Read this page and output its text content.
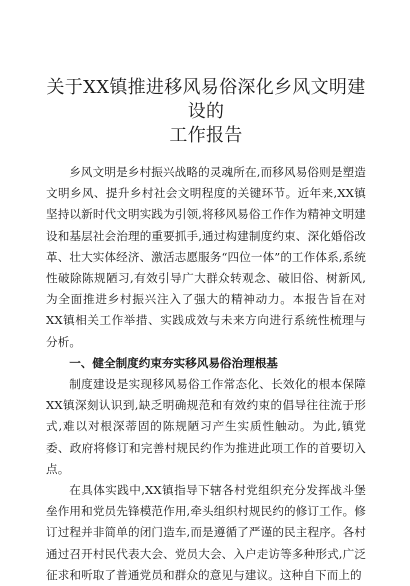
关于XX镇推进移风易俗深化乡风文明建设的
工作报告

乡风文明是乡村振兴战略的灵魂所在,而移风易俗则是塑造文明乡风、提升乡村社会文明程度的关键环节。近年来,XX镇坚持以新时代文明实践为引领,将移风易俗工作作为精神文明建设和基层社会治理的重要抓手,通过构建制度约束、深化婚俗改革、壮大实体经济、激活志愿服务“四位一体”的工作体系,系统性破除陈规陋习,有效引导广大群众转观念、破旧俗、树新风,为全面推进乡村振兴注入了强大的精神动力。本报告旨在对XX镇相关工作举措、实践成效与未来方向进行系统性梳理与分析。

一、健全制度约束夯实移风易俗治理根基

制度建设是实现移风易俗工作常态化、长效化的根本保障XX镇深刻认识到,缺乏明确规范和有效约束的倡导往往流于形式,难以对根深蒂固的陈规陋习产生实质性触动。为此,镇党委、政府将修订和完善村规民约作为推进此项工作的首要切入点。

在具体实践中,XX镇指导下辖各村党组织充分发挥战斗堡垒作用和党员先锋模范作用,牵头组织村规民约的修订工作。修订过程并非简单的闭门造车,而是遵循了严谨的民主程序。各村通过召开村民代表大会、党员大会、入户走访等多种形式,广泛征求和听取了普通党员和群众的意见与建议。这种自下而上的
